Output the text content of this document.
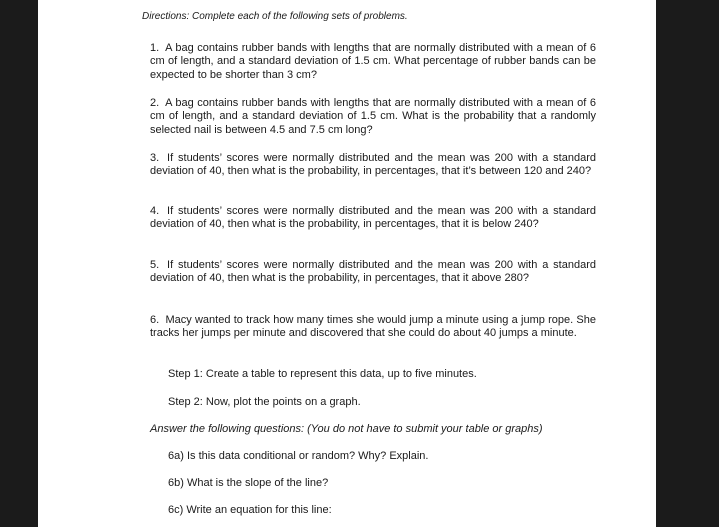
Directions: Complete each of the following sets of problems.

1. A bag contains rubber bands with lengths that are normally distributed with a mean of 6 cm of length, and a standard deviation of 1.5 cm. What percentage of rubber bands can be expected to be shorter than 3 cm?

2. A bag contains rubber bands with lengths that are normally distributed with a mean of 6 cm of length, and a standard deviation of 1.5 cm. What is the probability that a randomly selected nail is between 4.5 and 7.5 cm long?

3. If students’ scores were normally distributed and the mean was 200 with a standard deviation of 40, then what is the probability, in percentages, that it’s between 120 and 240?

4. If students’ scores were normally distributed and the mean was 200 with a standard deviation of 40, then what is the probability, in percentages, that it is below 240?

5. If students’ scores were normally distributed and the mean was 200 with a standard deviation of 40, then what is the probability, in percentages, that it above 280?

6. Macy wanted to track how many times she would jump a minute using a jump rope. She tracks her jumps per minute and discovered that she could do about 40 jumps a minute.

Step 1: Create a table to represent this data, up to five minutes.
Step 2: Now, plot the points on a graph.
Answer the following questions: (You do not have to submit your table or graphs)
6a) Is this data conditional or random? Why? Explain.
6b) What is the slope of the line?
6c) Write an equation for this line:
